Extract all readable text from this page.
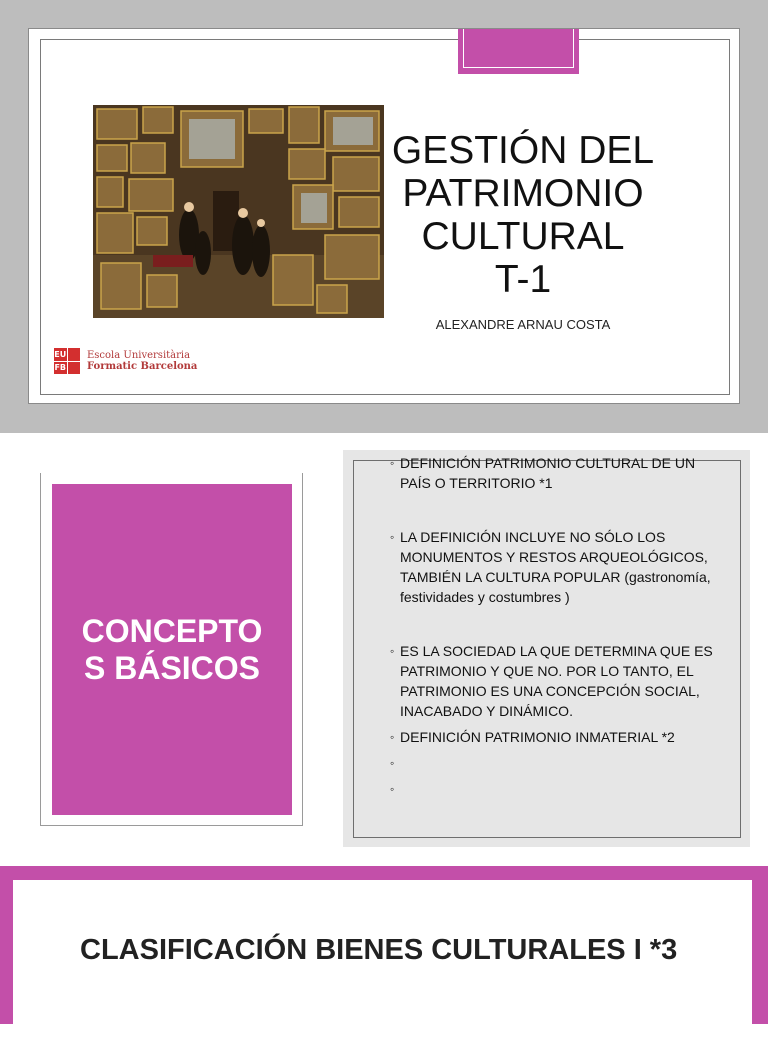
GESTIÓN DEL
PATRIMONIO
CULTURAL
T-1
ALEXANDRE ARNAU COSTA
EU
FB
Escola Universitària
Formatic Barcelona
CONCEPTOS BÁSICOS
◦ DEFINICIÓN PATRIMONIO CULTURAL DE UN PAÍS O TERRITORIO *1
◦ LA DEFINICIÓN INCLUYE NO SÓLO LOS MONUMENTOS Y RESTOS ARQUEOLÓGICOS, TAMBIÉN LA CULTURA POPULAR (gastronomía, festividades y costumbres )
◦ ES LA SOCIEDAD LA QUE DETERMINA QUE ES PATRIMONIO Y QUE NO. POR LO TANTO, EL PATRIMONIO ES UNA CONCEPCIÓN SOCIAL, INACABADO Y DINÁMICO.
◦ DEFINICIÓN PATRIMONIO INMATERIAL *2
◦
◦
CLASIFICACIÓN BIENES CULTURALES I *3
